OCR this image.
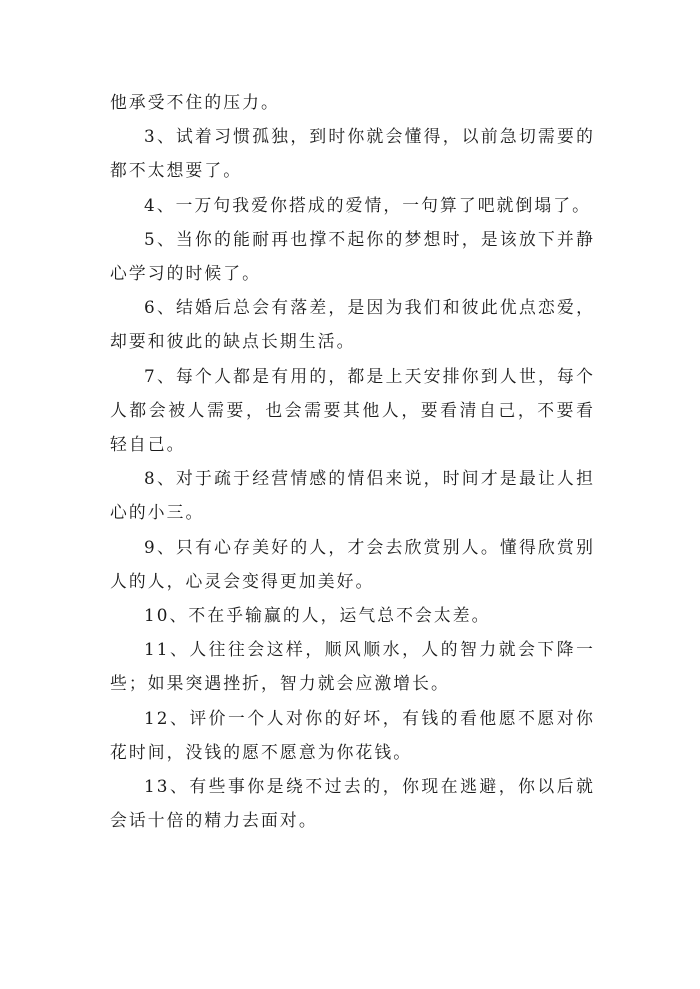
他承受不住的压力。

3、试着习惯孤独，到时你就会懂得，以前急切需要的都不太想要了。

4、一万句我爱你搭成的爱情，一句算了吧就倒塌了。

5、当你的能耐再也撑不起你的梦想时，是该放下并静心学习的时候了。

6、结婚后总会有落差，是因为我们和彼此优点恋爱，却要和彼此的缺点长期生活。

7、每个人都是有用的，都是上天安排你到人世，每个人都会被人需要，也会需要其他人，要看清自己，不要看轻自己。

8、对于疏于经营情感的情侣来说，时间才是最让人担心的小三。

9、只有心存美好的人，才会去欣赏别人。懂得欣赏别人的人，心灵会变得更加美好。

10、不在乎输赢的人，运气总不会太差。

11、人往往会这样，顺风顺水，人的智力就会下降一些；如果突遇挫折，智力就会应激增长。

12、评价一个人对你的好坏，有钱的看他愿不愿对你花时间，没钱的愿不愿意为你花钱。

13、有些事你是绕不过去的，你现在逃避，你以后就会话十倍的精力去面对。
